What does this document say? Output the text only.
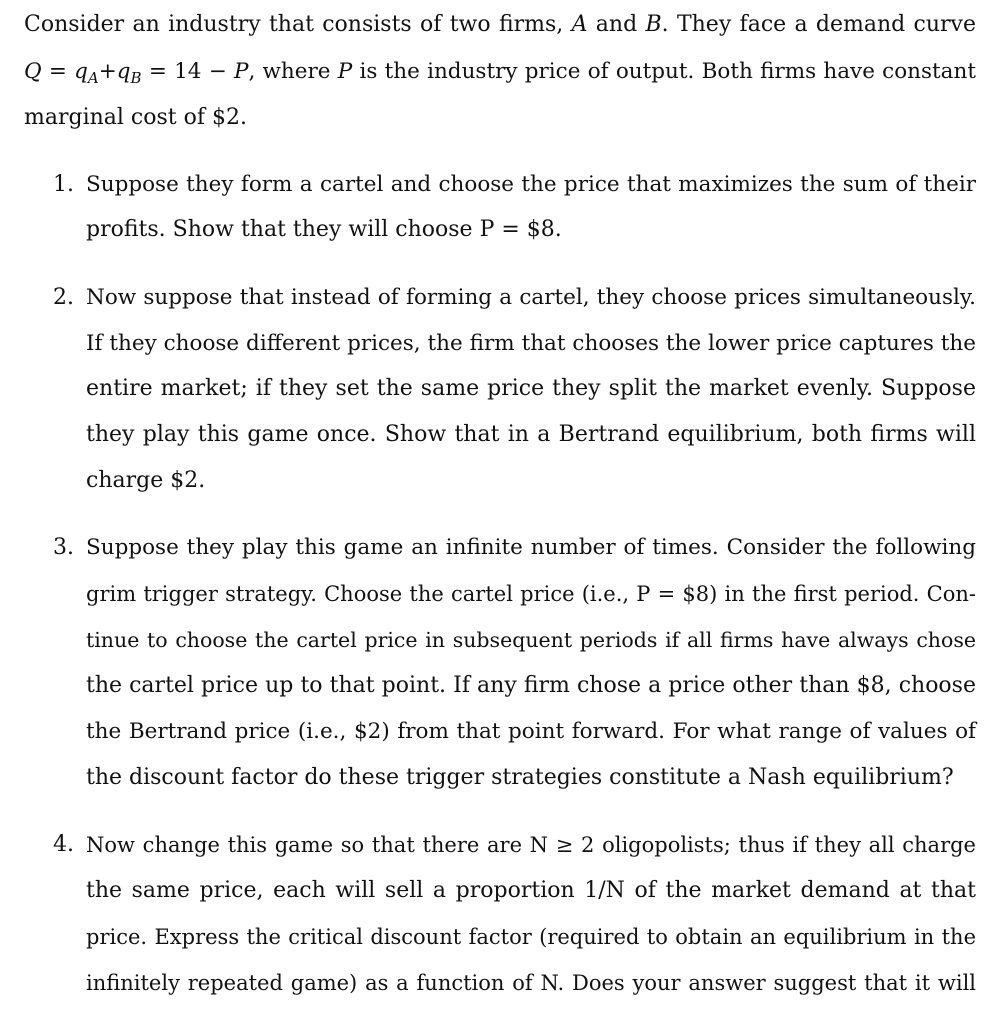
Consider an industry that consists of two firms, A and B. They face a demand curve
$Q = q_A+q_B = 14 - P$, where P is the industry price of output. Both firms have constant
marginal cost of $2.
1. Suppose they form a cartel and choose the price that maximizes the sum of their
profits. Show that they will choose P = $8.
2. Now suppose that instead of forming a cartel, they choose prices simultaneously.
If they choose different prices, the firm that chooses the lower price captures the
entire market; if they set the same price they split the market evenly. Suppose
they play this game once. Show that in a Bertrand equilibrium, both firms will
charge $2.
3. Suppose they play this game an infinite number of times. Consider the following
grim trigger strategy. Choose the cartel price (i.e., P = $8) in the first period. Con-
tinue to choose the cartel price in subsequent periods if all firms have always chose
the cartel price up to that point. If any firm chose a price other than $8, choose
the Bertrand price (i.e., $2) from that point forward. For what range of values of
the discount factor do these trigger strategies constitute a Nash equilibrium?
4. Now change this game so that there are N ≥ 2 oligopolists; thus if they all charge
the same price, each will sell a proportion 1/N of the market demand at that
price. Express the critical discount factor (required to obtain an equilibrium in the
infinitely repeated game) as a function of N. Does your answer suggest that it will
